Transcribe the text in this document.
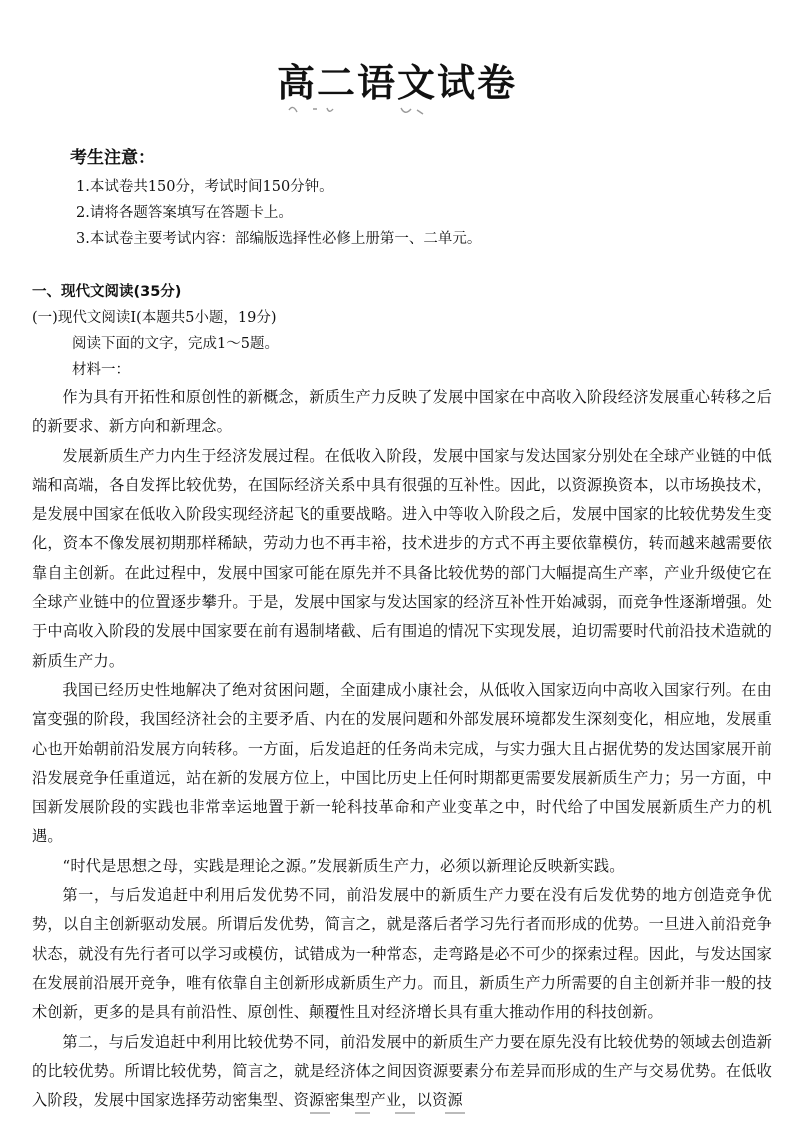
高二语文试卷
考生注意：
1.本试卷共150分，考试时间150分钟。
2.请将各题答案填写在答题卡上。
3.本试卷主要考试内容：部编版选择性必修上册第一、二单元。
一、现代文阅读(35分)
(一)现代文阅读Ⅰ(本题共5小题，19分)
阅读下面的文字，完成1～5题。
材料一：

作为具有开拓性和原创性的新概念，新质生产力反映了发展中国家在中高收入阶段经济发展重心转移之后的新要求、新方向和新理念。

发展新质生产力内生于经济发展过程。在低收入阶段，发展中国家与发达国家分别处在全球产业链的中低端和高端，各自发挥比较优势，在国际经济关系中具有很强的互补性。因此，以资源换资本，以市场换技术，是发展中国家在低收入阶段实现经济起飞的重要战略。进入中等收入阶段之后，发展中国家的比较优势发生变化，资本不像发展初期那样稀缺，劳动力也不再丰裕，技术进步的方式不再主要依靠模仿，转而越来越需要依靠自主创新。在此过程中，发展中国家可能在原先并不具备比较优势的部门大幅提高生产率，产业升级使它在全球产业链中的位置逐步攀升。于是，发展中国家与发达国家的经济互补性开始减弱，而竞争性逐渐增强。处于中高收入阶段的发展中国家要在前有遏制堵截、后有围追的情况下实现发展，迫切需要时代前沿技术造就的新质生产力。

我国已经历史性地解决了绝对贫困问题，全面建成小康社会，从低收入国家迈向中高收入国家行列。在由富变强的阶段，我国经济社会的主要矛盾、内在的发展问题和外部发展环境都发生深刻变化，相应地，发展重心也开始朝前沿发展方向转移。一方面，后发追赶的任务尚未完成，与实力强大且占据优势的发达国家展开前沿发展竞争任重道远，站在新的发展方位上，中国比历史上任何时期都更需要发展新质生产力；另一方面，中国新发展阶段的实践也非常幸运地置于新一轮科技革命和产业变革之中，时代给了中国发展新质生产力的机遇。

“时代是思想之母，实践是理论之源。”发展新质生产力，必须以新理论反映新实践。

第一，与后发追赶中利用后发优势不同，前沿发展中的新质生产力要在没有后发优势的地方创造竞争优势，以自主创新驱动发展。所谓后发优势，简言之，就是落后者学习先行者而形成的优势。一旦进入前沿竞争状态，就没有先行者可以学习或模仿，试错成为一种常态，走弯路是必不可少的探索过程。因此，与发达国家在发展前沿展开竞争，唯有依靠自主创新形成新质生产力。而且，新质生产力所需要的自主创新并非一般的技术创新，更多的是具有前沿性、原创性、颠覆性且对经济增长具有重大推动作用的科技创新。

第二，与后发追赶中利用比较优势不同，前沿发展中的新质生产力要在原先没有比较优势的领域去创造新的比较优势。所谓比较优势，简言之，就是经济体之间因资源要素分布差异而形成的生产与交易优势。在低收入阶段，发展中国家选择劳动密集型、资源密集型产业，以资源
